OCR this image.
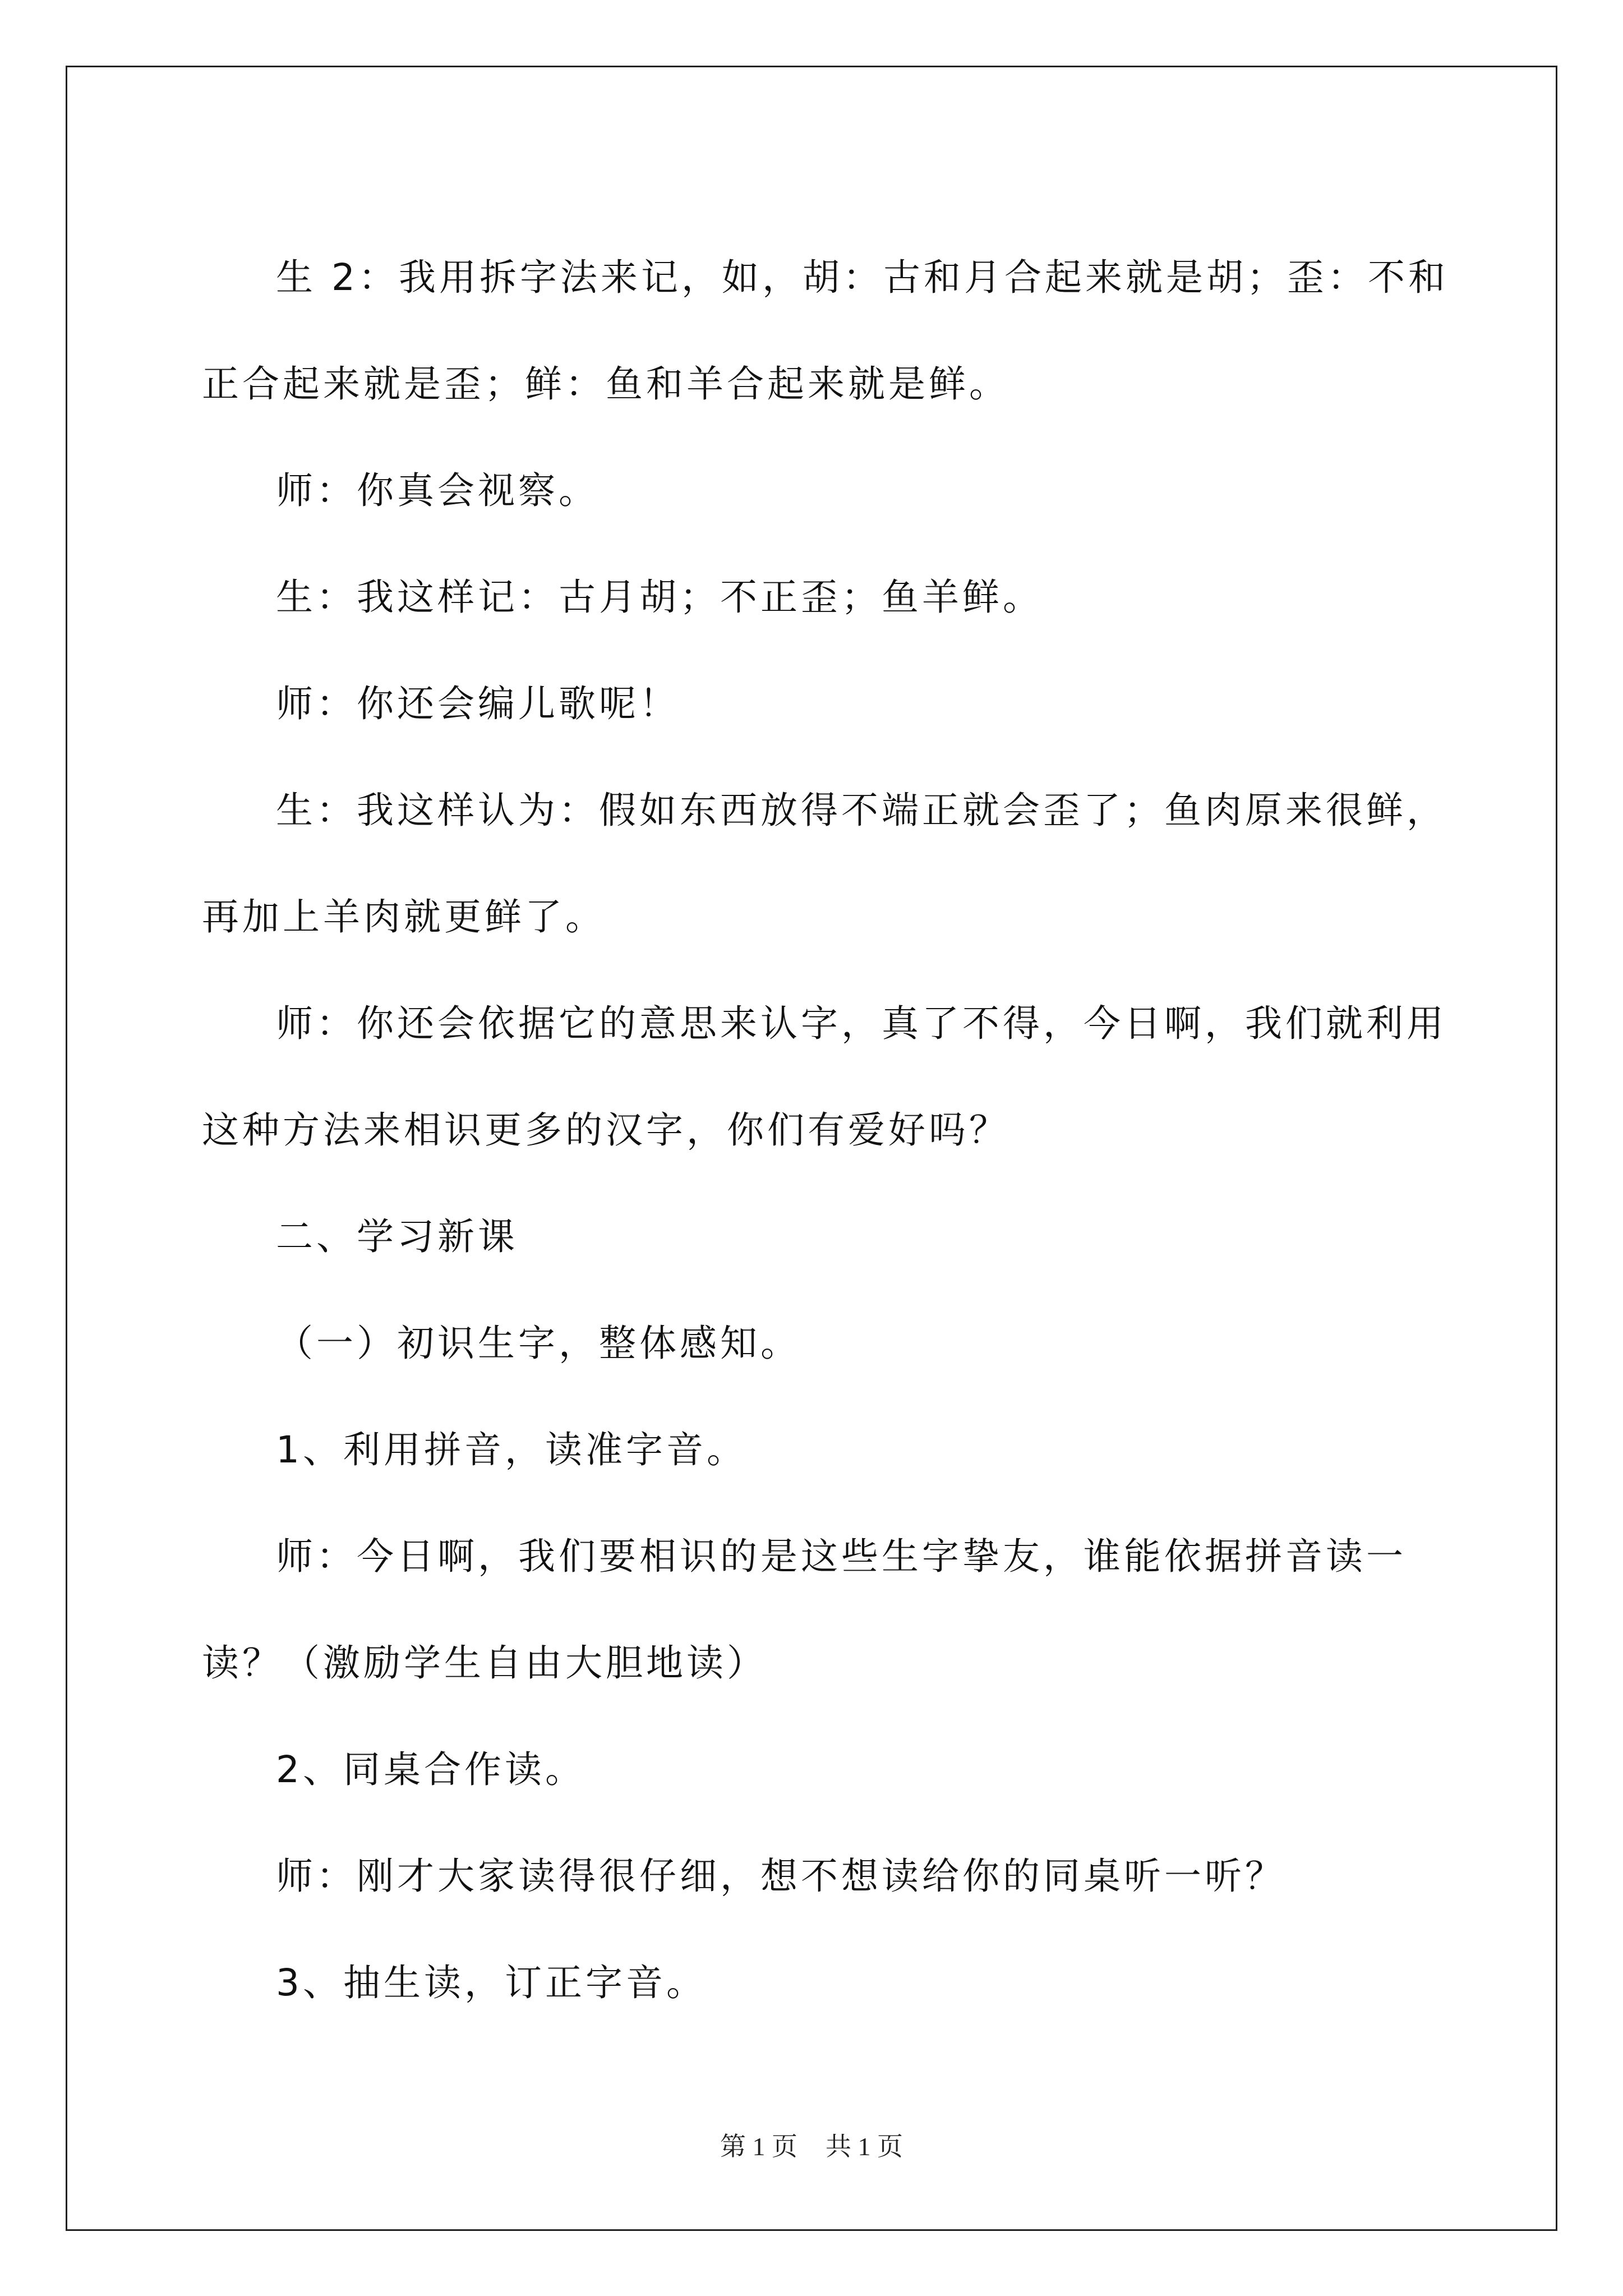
生 2：我用拆字法来记，如，胡：古和月合起来就是胡；歪：不和正合起来就是歪；鲜：鱼和羊合起来就是鲜。

师：你真会视察。

生：我这样记：古月胡；不正歪；鱼羊鲜。

师：你还会编儿歌呢！

生：我这样认为：假如东西放得不端正就会歪了；鱼肉原来很鲜，再加上羊肉就更鲜了。

师：你还会依据它的意思来认字，真了不得，今日啊，我们就利用这种方法来相识更多的汉字，你们有爱好吗？

二、学习新课

（一）初识生字，整体感知。

1、利用拼音，读准字音。

师：今日啊，我们要相识的是这些生字挚友，谁能依据拼音读一读？（激励学生自由大胆地读）

2、同桌合作读。

师：刚才大家读得很仔细，想不想读给你的同桌听一听？

3、抽生读，订正字音。

第 1 页 共 1 页
